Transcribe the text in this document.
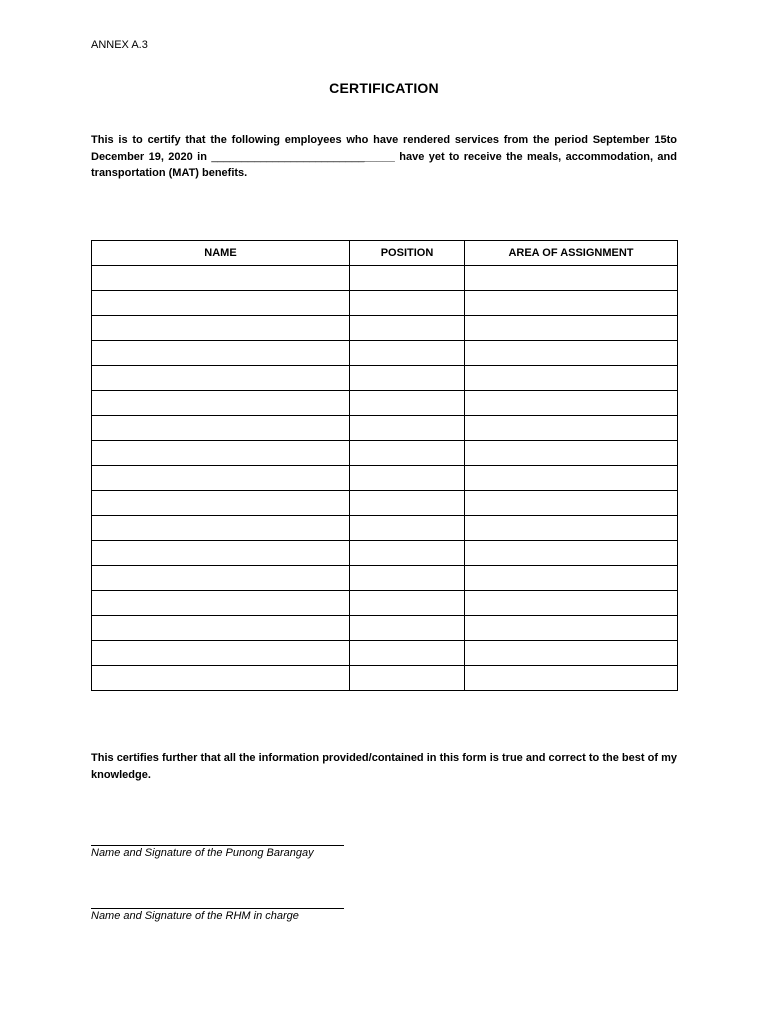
ANNEX A.3
CERTIFICATION
This is to certify that the following employees who have rendered services from the period September 15to December 19, 2020 in ______________________________ have yet to receive the meals, accommodation, and transportation (MAT) benefits.
NAME	POSITION	AREA OF ASSIGNMENT

This certifies further that all the information provided/contained in this form is true and correct to the best of my knowledge.
Name and Signature of the Punong Barangay
Name and Signature of the RHM in charge
